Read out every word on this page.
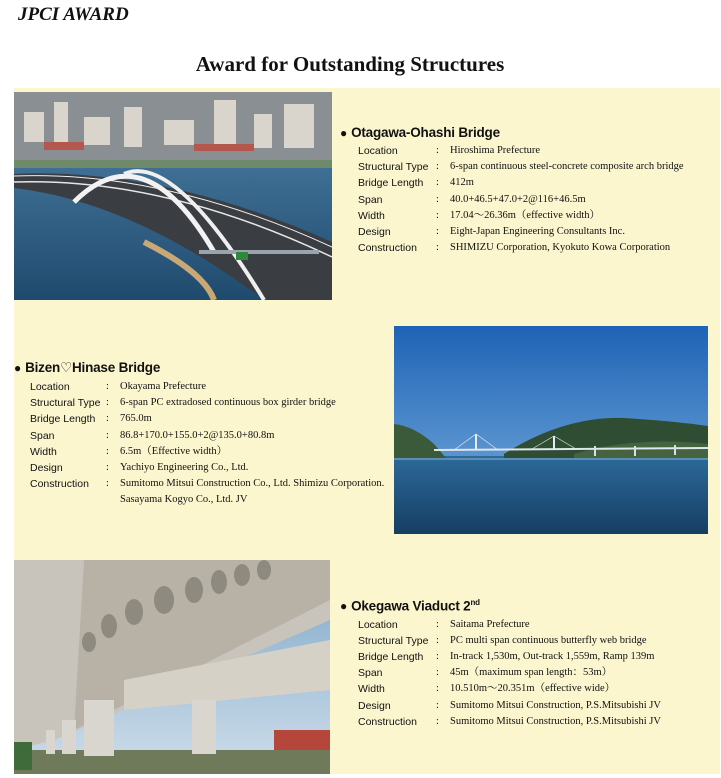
JPCI AWARD
Award for Outstanding Structures
● Otagawa-Ohashi Bridge
Location	:	Hiroshima Prefecture
Structural Type :	6-span continuous steel-concrete composite arch bridge
Bridge Length	:	412m
Span	:	40.0+46.5+47.0+2@116+46.5m
Width	:	17.04～26.36m（effective width）
Design	:	Eight-Japan Engineering Consultants Inc.
Construction	:	SHIMIZU Corporation, Kyokuto Kowa Corporation
● Bizen♡Hinase Bridge
Location	:	Okayama Prefecture
Structural Type :	6-span PC extradosed continuous box girder bridge
Bridge Length	:	765.0m
Span	:	86.8+170.0+155.0+2@135.0+80.8m
Width	:	6.5m（Effective width）
Design	:	Yachiyo Engineering Co., Ltd.
Construction	:	Sumitomo Mitsui Construction Co., Ltd. Shimizu Corporation. Sasayama Kogyo Co., Ltd. JV
● Okegawa Viaduct 2nd
Location	:	Saitama Prefecture
Structural Type :	PC multi span continuous butterfly web bridge
Bridge Length	:	In-track 1,530m, Out-track 1,559m, Ramp 139m
Span	:	45m（maximum span length：53m）
Width	:	10.510m～20.351m（effective wide）
Design	:	Sumitomo Mitsui Construction, P.S.Mitsubishi JV
Construction	:	Sumitomo Mitsui Construction, P.S.Mitsubishi JV
